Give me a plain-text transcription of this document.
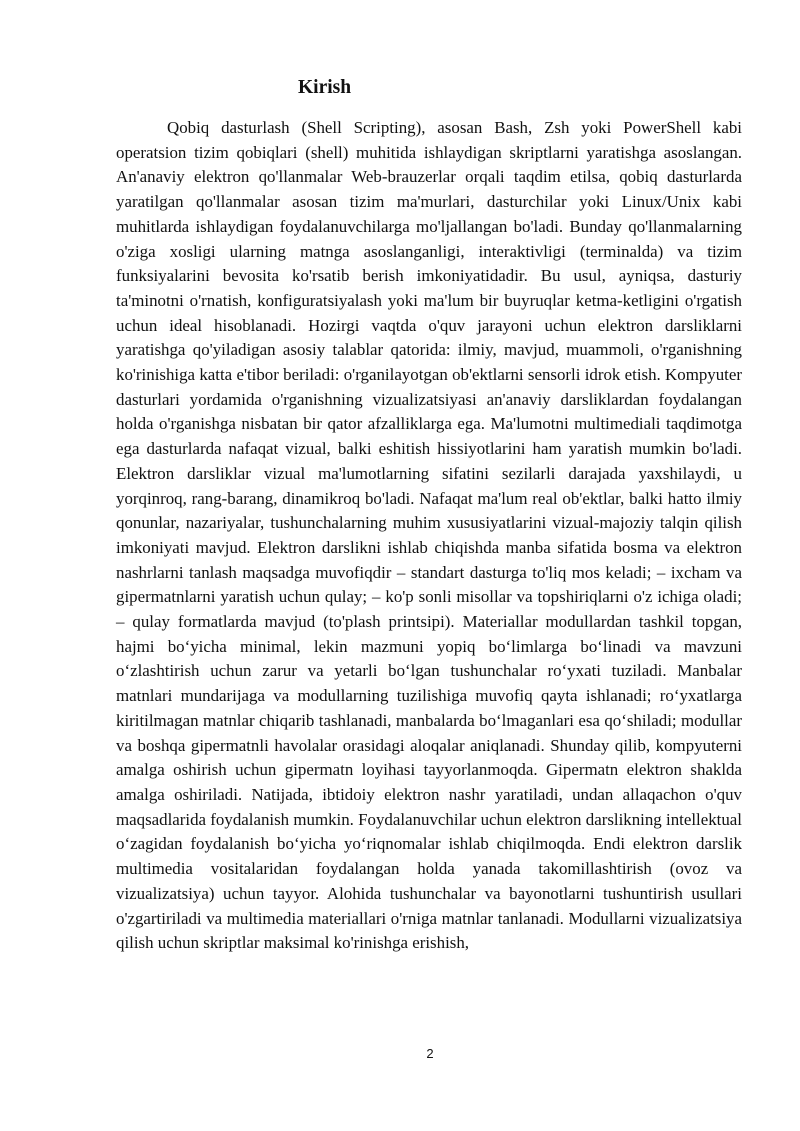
Kirish

Qobiq dasturlash (Shell Scripting), asosan Bash, Zsh yoki PowerShell kabi operatsion tizim qobiqlari (shell) muhitida ishlaydigan skriptlarni yaratishga asoslangan. An'anaviy elektron qo'llanmalar Web-brauzerlar orqali taqdim etilsa, qobiq dasturlarda yaratilgan qo'llanmalar asosan tizim ma'murlari, dasturchilar yoki Linux/Unix kabi muhitlarda ishlaydigan foydalanuvchilarga mo'ljallangan bo'ladi. Bunday qo'llanmalarning o'ziga xosligi ularning matnga asoslanganligi, interaktivligi (terminalda) va tizim funksiyalarini bevosita ko'rsatib berish imkoniyatidadir. Bu usul, ayniqsa, dasturiy ta'minotni o'rnatish, konfiguratsiyalash yoki ma'lum bir buyruqlar ketma-ketligini o'rgatish uchun ideal hisoblanadi. Hozirgi vaqtda o'quv jarayoni uchun elektron darsliklarni yaratishga qo'yiladigan asosiy talablar qatorida: ilmiy, mavjud, muammoli, o'rganishning ko'rinishiga katta e'tibor beriladi: o'rganilayotgan ob'ektlarni sensorli idrok etish. Kompyuter dasturlari yordamida o'rganishning vizualizatsiyasi an'anaviy darsliklardan foydalangan holda o'rganishga nisbatan bir qator afzalliklarga ega. Ma'lumotni multimediali taqdimotga ega dasturlarda nafaqat vizual, balki eshitish hissiyotlarini ham yaratish mumkin bo'ladi. Elektron darsliklar vizual ma'lumotlarning sifatini sezilarli darajada yaxshilaydi, u yorqinroq, rang-barang, dinamikroq bo'ladi. Nafaqat ma'lum real ob'ektlar, balki hatto ilmiy qonunlar, nazariyalar, tushunchalarning muhim xususiyatlarini vizual-majoziy talqin qilish imkoniyati mavjud. Elektron darslikni ishlab chiqishda manba sifatida bosma va elektron nashrlarni tanlash maqsadga muvofiqdir – standart dasturga to'liq mos keladi; – ixcham va gipermatnlarni yaratish uchun qulay; – ko'p sonli misollar va topshiriqlarni o'z ichiga oladi; – qulay formatlarda mavjud (to'plash printsipi). Materiallar modullardan tashkil topgan, hajmi bo‘yicha minimal, lekin mazmuni yopiq bo‘limlarga bo‘linadi va mavzuni o‘zlashtirish uchun zarur va yetarli bo‘lgan tushunchalar ro‘yxati tuziladi. Manbalar matnlari mundarijaga va modullarning tuzilishiga muvofiq qayta ishlanadi; ro‘yxatlarga kiritilmagan matnlar chiqarib tashlanadi, manbalarda bo‘lmaganlari esa qo‘shiladi; modullar va boshqa gipermatnli havolalar orasidagi aloqalar aniqlanadi. Shunday qilib, kompyuterni amalga oshirish uchun gipermatn loyihasi tayyorlanmoqda. Gipermatn elektron shaklda amalga oshiriladi. Natijada, ibtidoiy elektron nashr yaratiladi, undan allaqachon o'quv maqsadlarida foydalanish mumkin. Foydalanuvchilar uchun elektron darslikning intellektual o‘zagidan foydalanish bo‘yicha yo‘riqnomalar ishlab chiqilmoqda. Endi elektron darslik multimedia vositalaridan foydalangan holda yanada takomillashtirish (ovoz va vizualizatsiya) uchun tayyor. Alohida tushunchalar va bayonotlarni tushuntirish usullari o'zgartiriladi va multimedia materiallari o'rniga matnlar tanlanadi. Modullarni vizualizatsiya qilish uchun skriptlar maksimal ko'rinishga erishish,

2
